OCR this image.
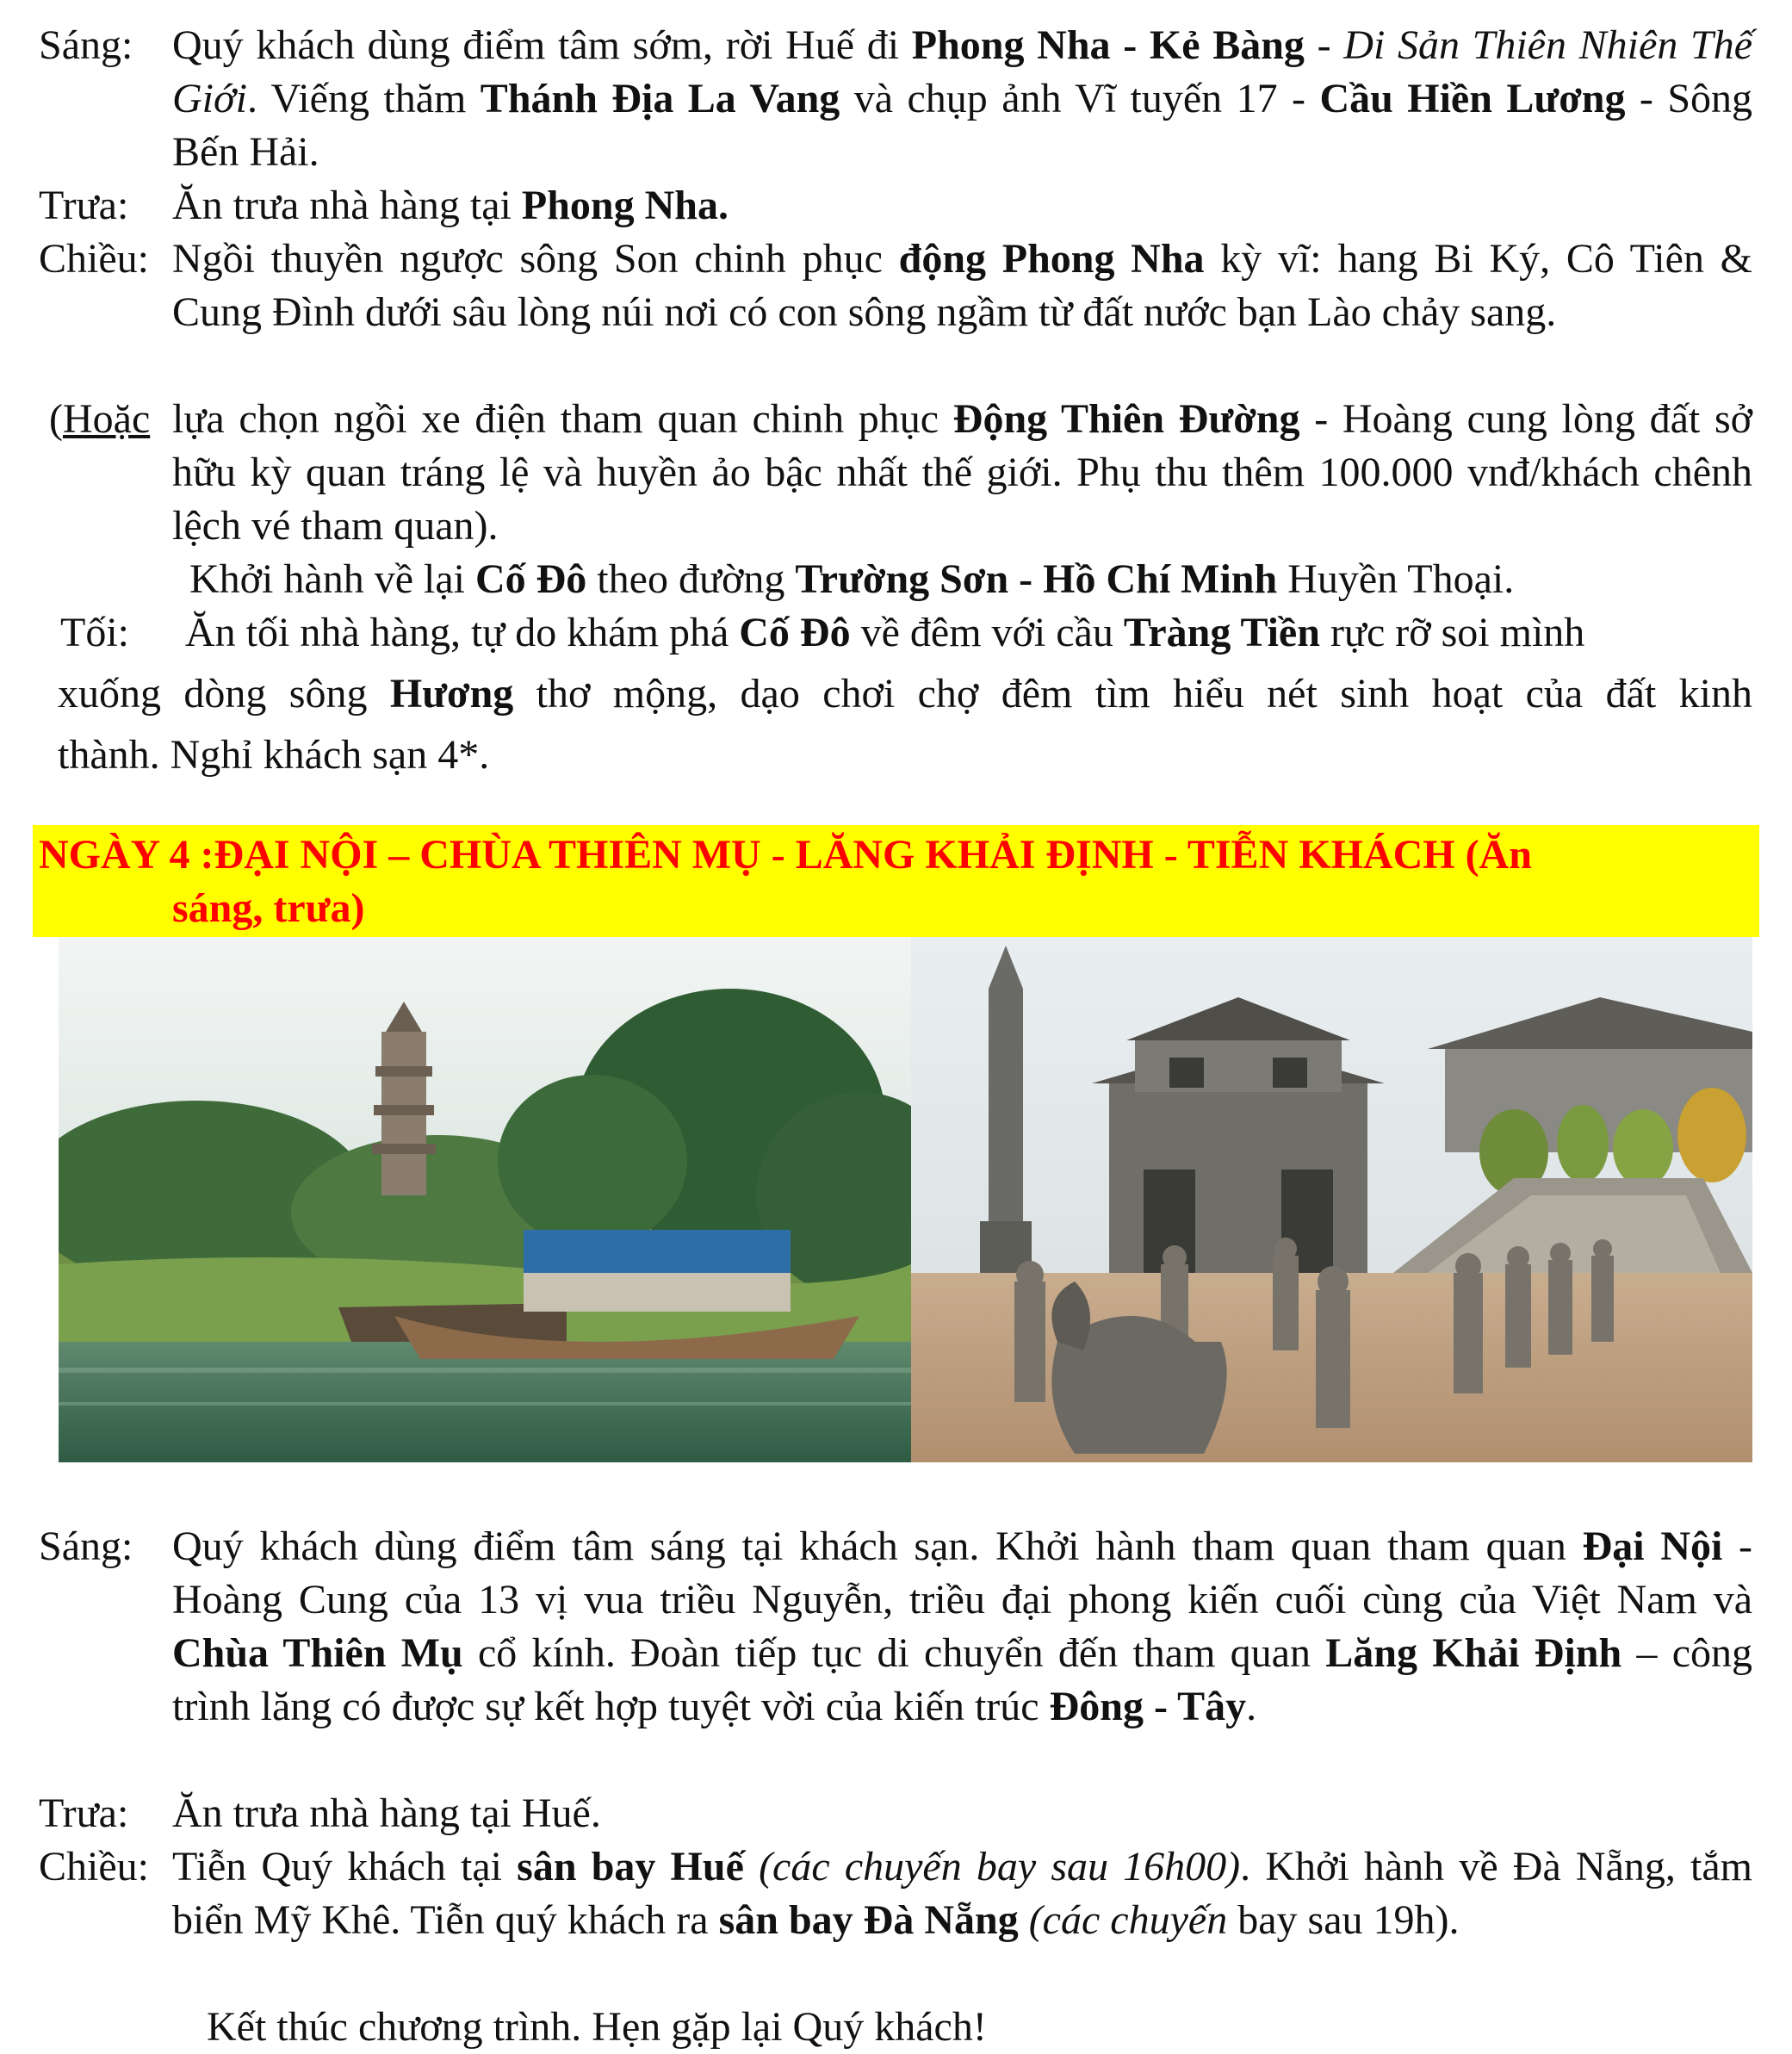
Sáng: Quý khách dùng điểm tâm sớm, rời Huế đi Phong Nha - Kẻ Bàng - Di Sản Thiên Nhiên Thế Giới. Viếng thăm Thánh Địa La Vang và chụp ảnh Vĩ tuyến 17 - Cầu Hiền Lương - Sông Bến Hải.
Trưa:	Ăn trưa nhà hàng tại Phong Nha.
Chiều: Ngồi thuyền ngược sông Son chinh phục động Phong Nha kỳ vĩ: hang Bi Ký, Cô Tiên & Cung Đình dưới sâu lòng núi nơi có con sông ngầm từ đất nước bạn Lào chảy sang.
(Hoặc lựa chọn ngồi xe điện tham quan chinh phục Động Thiên Đường - Hoàng cung lòng đất sở hữu kỳ quan tráng lệ và huyền ảo bậc nhất thế giới. Phụ thu thêm 100.000 vnđ/khách chênh lệch vé tham quan).
Khởi hành về lại Cố Đô theo đường Trường Sơn - Hồ Chí Minh Huyền Thoại.
Tối: Ăn tối nhà hàng, tự do khám phá Cố Đô về đêm với cầu Tràng Tiền rực rỡ soi mình
xuống dòng sông Hương thơ mộng, dạo chơi chợ đêm tìm hiểu nét sinh hoạt của đất kinh
thành. Nghỉ khách sạn 4*.
NGÀY 4 :ĐẠI NỘI – CHÙA THIÊN MỤ - LĂNG KHẢI ĐỊNH - TIỄN KHÁCH (Ăn
sáng, trưa)
Sáng: Quý khách dùng điểm tâm sáng tại khách sạn. Khởi hành tham quan tham quan Đại Nội - Hoàng Cung của 13 vị vua triều Nguyễn, triều đại phong kiến cuối cùng của Việt Nam và Chùa Thiên Mụ cổ kính. Đoàn tiếp tục di chuyển đến tham quan Lăng Khải Định – công trình lăng có được sự kết hợp tuyệt vời của kiến trúc Đông - Tây.
Trưa:	Ăn trưa nhà hàng tại Huế.
Chiều: Tiễn Quý khách tại sân bay Huế (các chuyến bay sau 16h00). Khởi hành về Đà Nẵng, tắm biển Mỹ Khê. Tiễn quý khách ra sân bay Đà Nẵng (các chuyến bay sau 19h).
Kết thúc chương trình. Hẹn gặp lại Quý khách!
